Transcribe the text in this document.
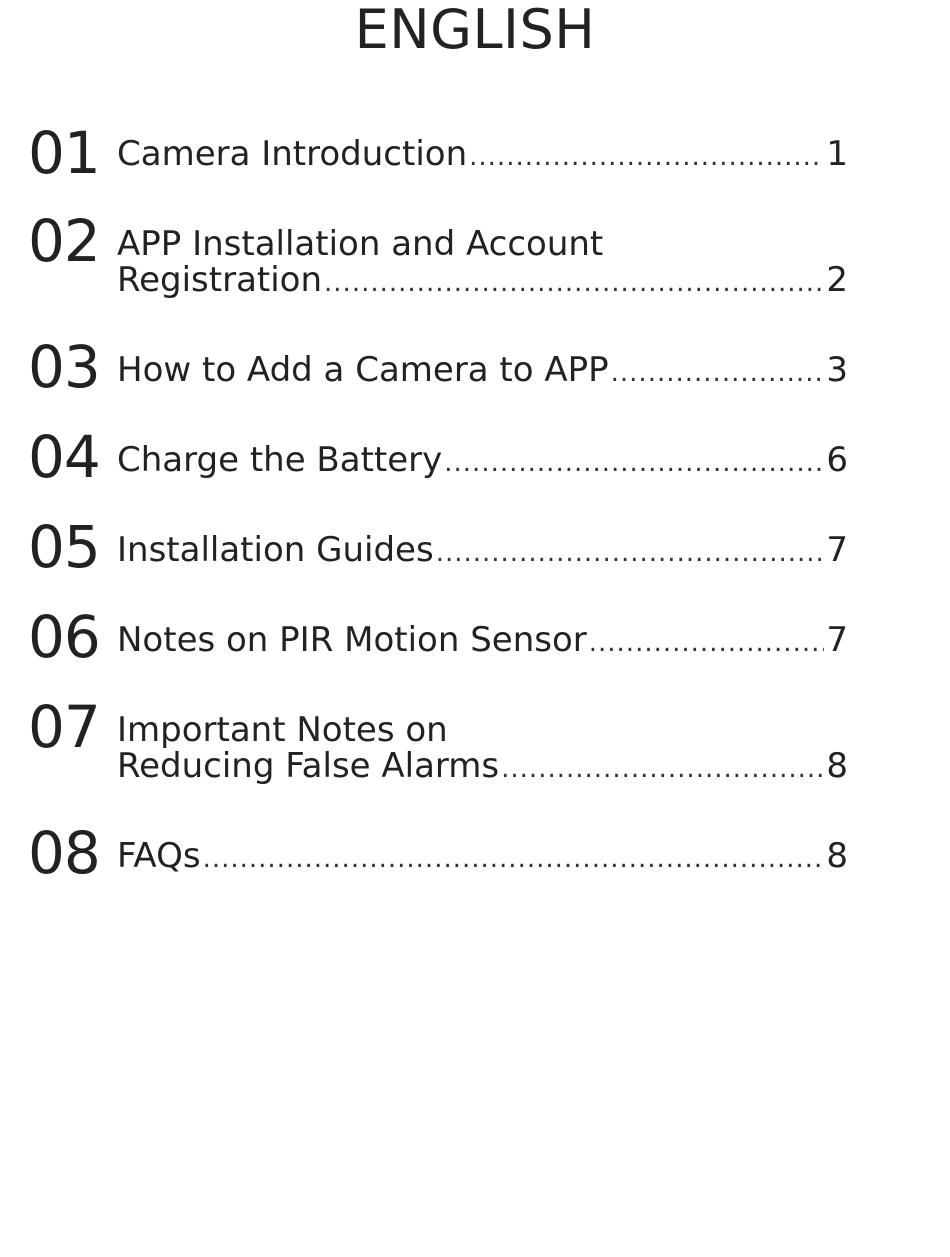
ENGLISH
01 Camera Introduction .....	1
02 APP Installation and Account
Registration .....	2
03 How to Add a Camera to APP .....	3
04 Charge the Battery .....	6
05 Installation Guides .....	7
06 Notes on PIR Motion Sensor .....	7
07 Important Notes on
Reducing False Alarms .....	8
08 FAQs .....	8
